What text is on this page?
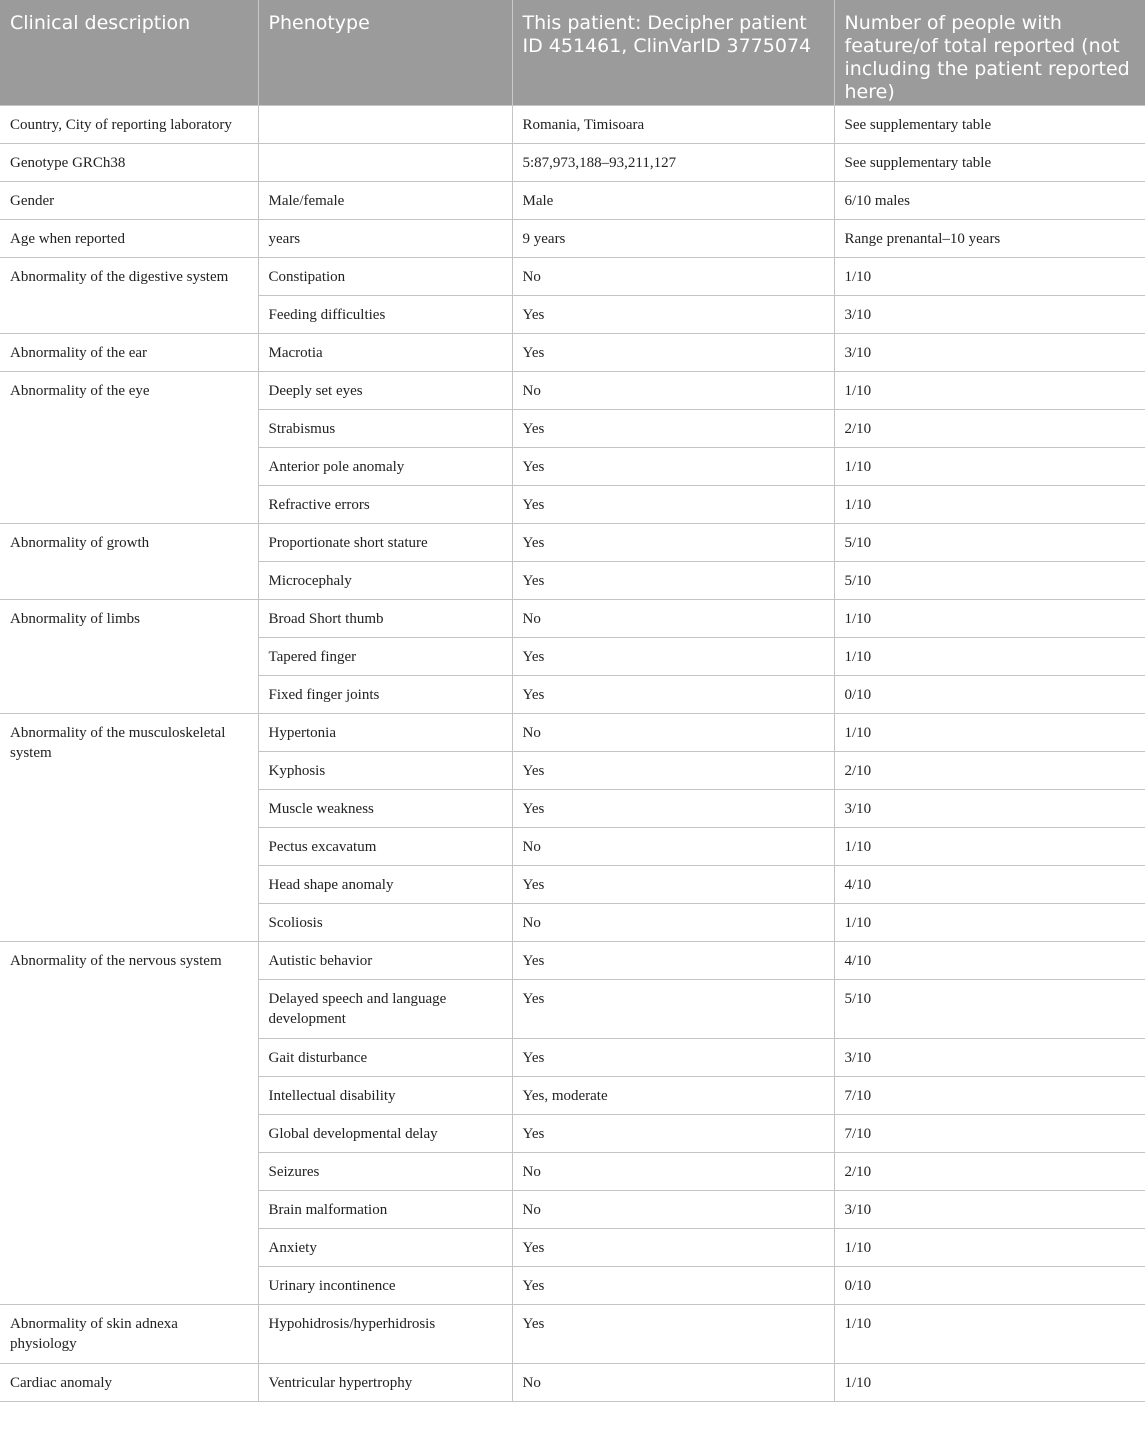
Clinical description	Phenotype	This patient: Decipher patient ID 451461, ClinVarID 3775074	Number of people with feature/of total reported (not including the patient reported here)
Country, City of reporting laboratory		Romania, Timisoara	See supplementary table
Genotype GRCh38		5:87,973,188–93,211,127	See supplementary table
Gender	Male/female	Male	6/10 males
Age when reported	years	9 years	Range prenantal–10 years
Abnormality of the digestive system	Constipation	No	1/10
	Feeding difficulties	Yes	3/10
Abnormality of the ear	Macrotia	Yes	3/10
Abnormality of the eye	Deeply set eyes	No	1/10
	Strabismus	Yes	2/10
	Anterior pole anomaly	Yes	1/10
	Refractive errors	Yes	1/10
Abnormality of growth	Proportionate short stature	Yes	5/10
	Microcephaly	Yes	5/10
Abnormality of limbs	Broad Short thumb	No	1/10
	Tapered finger	Yes	1/10
	Fixed finger joints	Yes	0/10
Abnormality of the musculoskeletal system	Hypertonia	No	1/10
	Kyphosis	Yes	2/10
	Muscle weakness	Yes	3/10
	Pectus excavatum	No	1/10
	Head shape anomaly	Yes	4/10
	Scoliosis	No	1/10
Abnormality of the nervous system	Autistic behavior	Yes	4/10
	Delayed speech and language development	Yes	5/10
	Gait disturbance	Yes	3/10
	Intellectual disability	Yes, moderate	7/10
	Global developmental delay	Yes	7/10
	Seizures	No	2/10
	Brain malformation	No	3/10
	Anxiety	Yes	1/10
	Urinary incontinence	Yes	0/10
Abnormality of skin adnexa physiology	Hypohidrosis/hyperhidrosis	Yes	1/10
Cardiac anomaly	Ventricular hypertrophy	No	1/10
